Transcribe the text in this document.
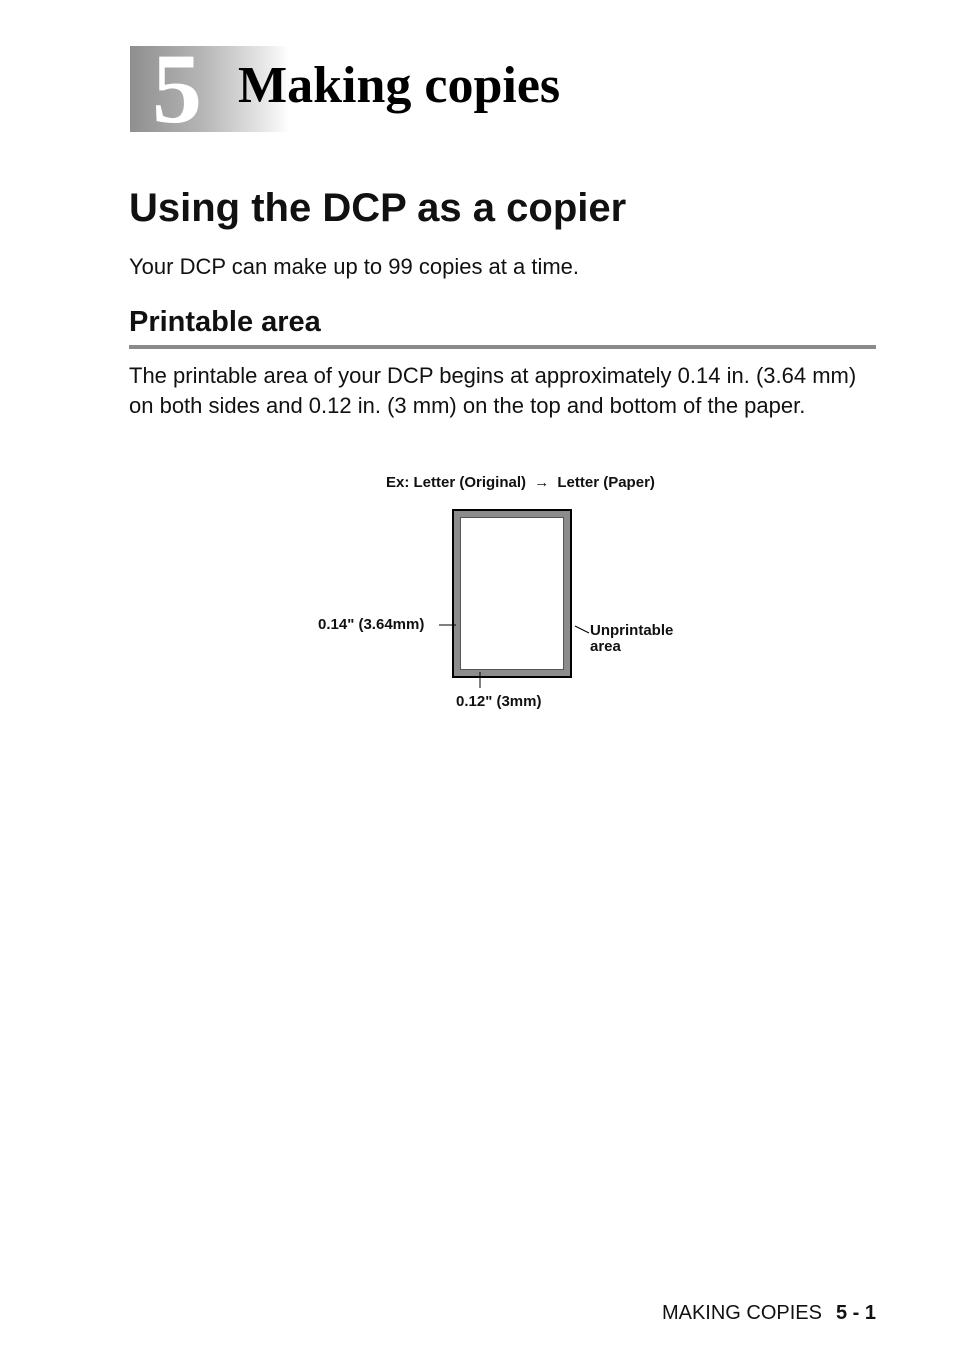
5 Making copies
Using the DCP as a copier

Your DCP can make up to 99 copies at a time.

Printable area

The printable area of your DCP begins at approximately 0.14 in. (3.64 mm) on both sides and 0.12 in. (3 mm) on the top and bottom of the paper.

Ex: Letter (Original) → Letter (Paper)
0.14" (3.64mm)
0.12" (3mm)
Unprintable
area
MAKING COPIES 5 - 1
